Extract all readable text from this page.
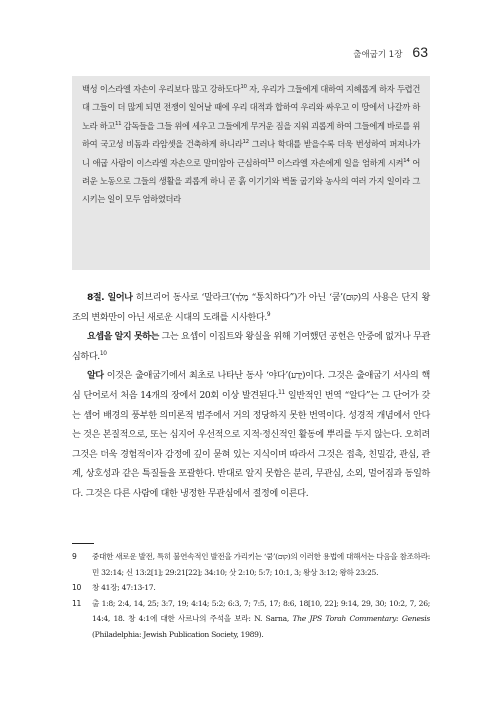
출애굽기 1장 63

백성 이스라엘 자손이 우리보다 많고 강하도다$^{10}$ 자, 우리가 그들에게 대하여 지혜롭게 하자 두렵건대 그들이 더 많게 되면 전쟁이 일어날 때에 우리 대적과 합하여 우리와 싸우고 이 땅에서 나갈까 하노라 하고$^{11}$ 감독들을 그들 위에 세우고 그들에게 무거운 짐을 지워 괴롭게 하여 그들에게 바로를 위하여 국고성 비돔과 라암셋을 건축하게 하니라$^{12}$ 그러나 학대를 받을수록 더욱 번성하여 퍼져나가니 애굽 사람이 이스라엘 자손으로 말미암아 근심하여$^{13}$ 이스라엘 자손에게 일을 엄하게 시켜$^{14}$ 어려운 노동으로 그들의 생활을 괴롭게 하니 곧 흙 이기기와 벽돌 굽기와 농사의 여러 가지 일이라 그 시키는 일이 모두 엄하였더라

8절. 일어나 히브리어 동사로 ‘말라크’(מָלַךְ “통치하다”)가 아닌 ‘쿰’(קוּם)의 사용은 단지 왕조의 변화만이 아닌 새로운 시대의 도래를 시사한다.$^9$

요셉을 알지 못하는 그는 요셉이 이집트와 왕실을 위해 기여했던 공헌은 안중에 없거나 무관심하다.$^{10}$

알다 이것은 출애굽기에서 최초로 나타난 동사 ‘야다’(יָדַע)이다. 그것은 출애굽기 서사의 핵심 단어로서 처음 14개의 장에서 20회 이상 발견된다.$^{11}$ 일반적인 번역 “알다”는 그 단어가 갖는 셈어 배경의 풍부한 의미론적 범주에서 거의 정당하지 못한 번역이다. 성경적 개념에서 안다는 것은 본질적으로, 또는 심지어 우선적으로 지적·정신적인 활동에 뿌리를 두지 않는다. 오히려 그것은 더욱 경험적이자 감정에 깊이 묻혀 있는 지식이며 따라서 그것은 접촉, 친밀감, 관심, 관계, 상호성과 같은 특질들을 포괄한다. 반대로 알지 못함은 분리, 무관심, 소외, 멀어짐과 동일하다. 그것은 다른 사람에 대한 냉정한 무관심에서 절정에 이른다.

9	중대한 새로운 발전, 특히 불연속적인 발전을 가리키는 ‘쿰’(קוּם)의 이러한 용법에 대해서는 다음을 참조하라: 민 32:14; 신 13:2[1]; 29:21[22]; 34:10; 삿 2:10; 5:7; 10:1, 3; 왕상 3:12; 왕하 23:25.
10	창 41장; 47:13-17.
11	출 1:8; 2:4, 14, 25; 3:7, 19; 4:14; 5:2; 6:3, 7; 7:5, 17; 8:6, 18[10, 22]; 9:14, 29, 30; 10:2, 7, 26; 14:4, 18. 창 4:1에 대한 사르나의 주석을 보라: N. Sarna, The JPS Torah Commentary: Genesis (Philadelphia: Jewish Publication Society, 1989).
